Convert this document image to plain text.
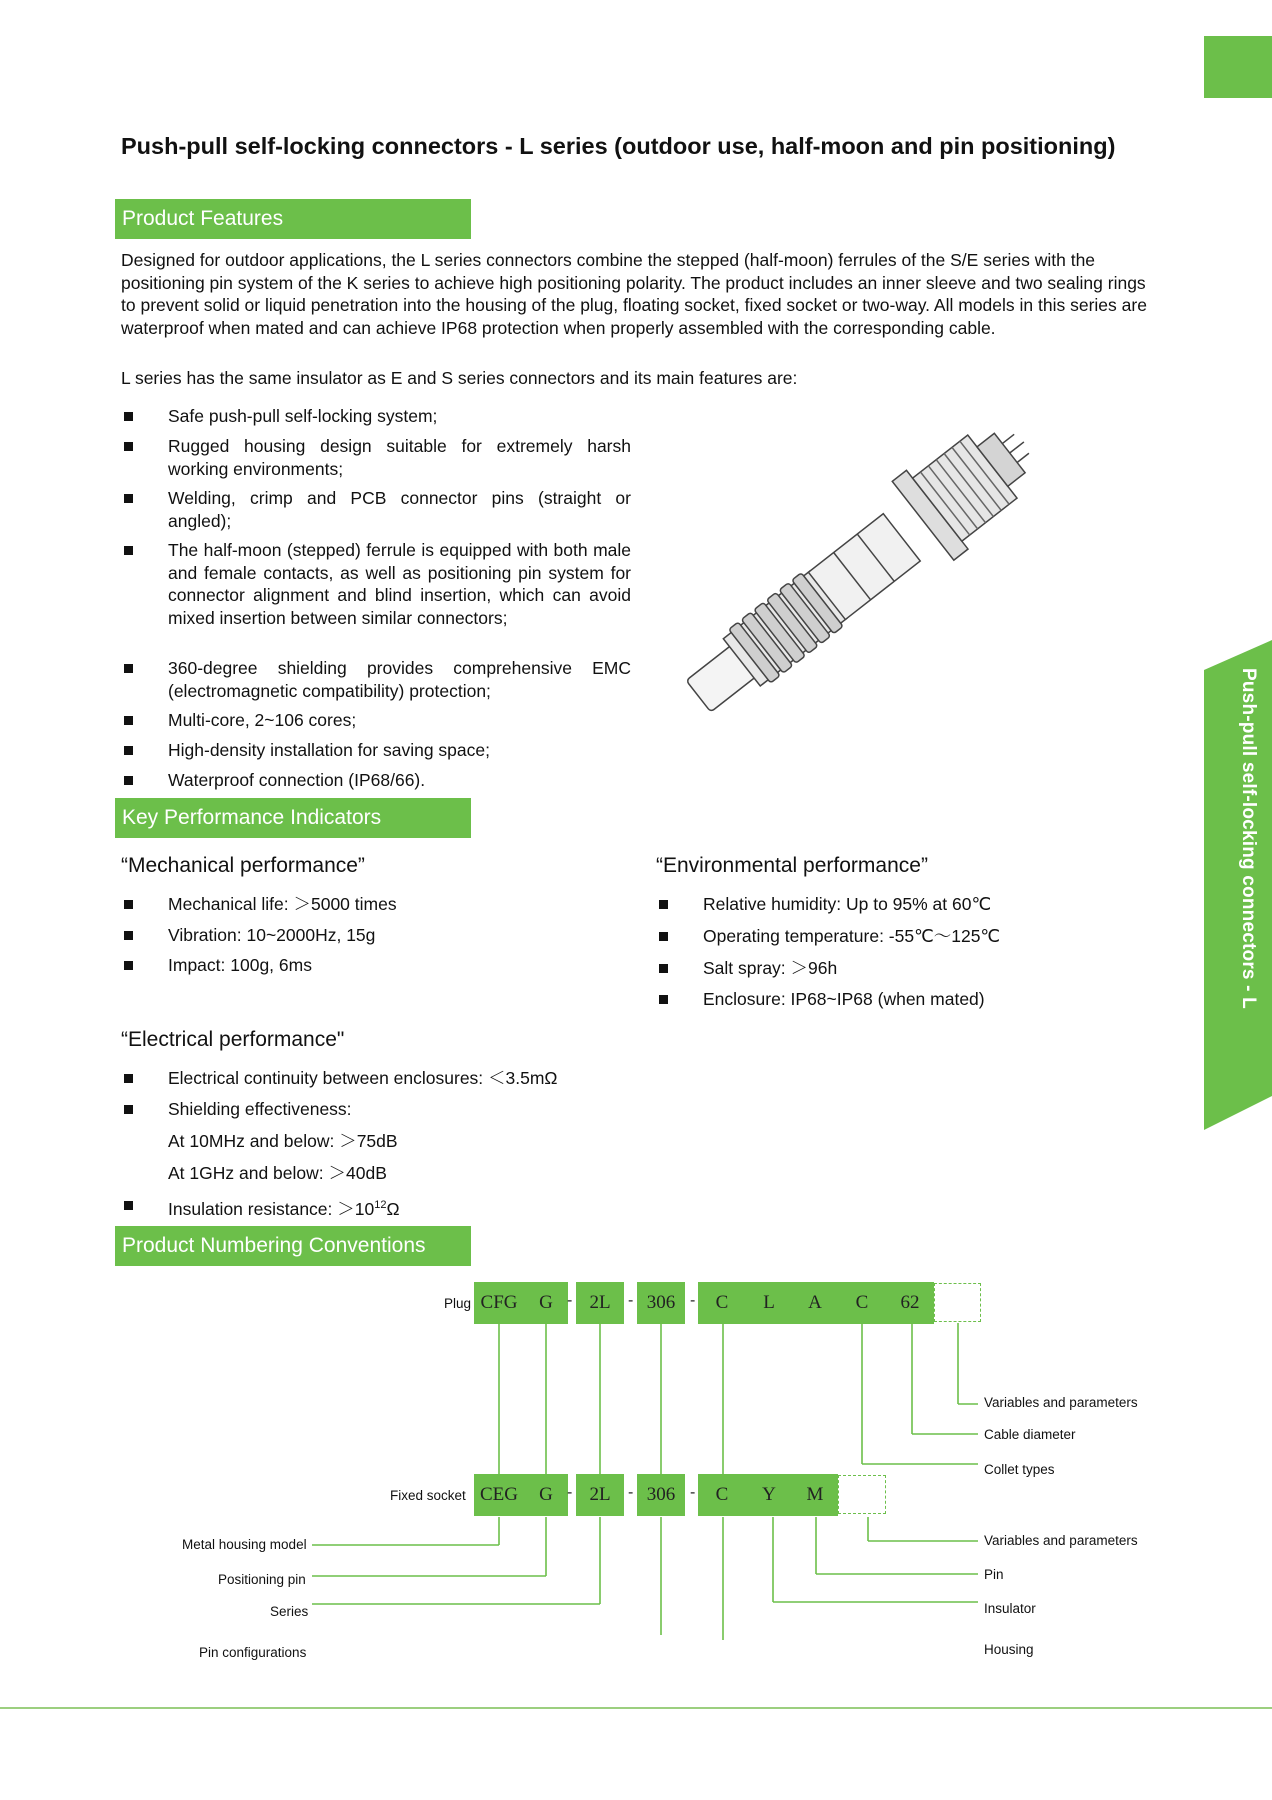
Push-pull self-locking connectors - L
Push-pull self-locking connectors - L series (outdoor use, half-moon and pin positioning)
Product Features

Designed for outdoor applications, the L series connectors combine the stepped (half-moon) ferrules of the S/E series with the positioning pin system of the K series to achieve high positioning polarity. The product includes an inner sleeve and two sealing rings to prevent solid or liquid penetration into the housing of the plug, floating socket, fixed socket or two-way. All models in this series are waterproof when mated and can achieve IP68 protection when properly assembled with the corresponding cable.

L series has the same insulator as E and S series connectors and its main features are:

Safe push-pull self-locking system;
Rugged housing design suitable for extremely harsh working environments;
Welding, crimp and PCB connector pins (straight or angled);
The half-moon (stepped) ferrule is equipped with both male and female contacts, as well as positioning pin system for connector alignment and blind insertion, which can avoid mixed insertion between similar connectors;
360-degree shielding provides comprehensive EMC (electromagnetic compatibility) protection;
Multi-core, 2~106 cores;
High-density installation for saving space;
Waterproof connection (IP68/66).
Key Performance Indicators
“Mechanical performance”
Mechanical life: ＞5000 times
Vibration: 10~2000Hz, 15g
Impact: 100g, 6ms
“Environmental performance”
Relative humidity: Up to 95% at 60℃
Operating temperature: -55℃～125℃
Salt spray: ＞96h
Enclosure: IP68~IP68 (when mated)
“Electrical performance"
Electrical continuity between enclosures: ＜3.5mΩ
Shielding effectiveness:
At 10MHz and below: ＞75dB
At 1GHz and below: ＞40dB
Insulation resistance: $>10^{12}\Omega$
Product Numbering Conventions
Plug CFG	G - 2L	- 306 -	C	L	A	C	62
Fixed socket CEG	G - 2L	- 306 -	C	Y	M
Variables and parameters
Cable diameter
Collet types
Variables and parameters
Pin
Insulator
Housing
Metal housing model
Positioning pin
Series
Pin configurations
